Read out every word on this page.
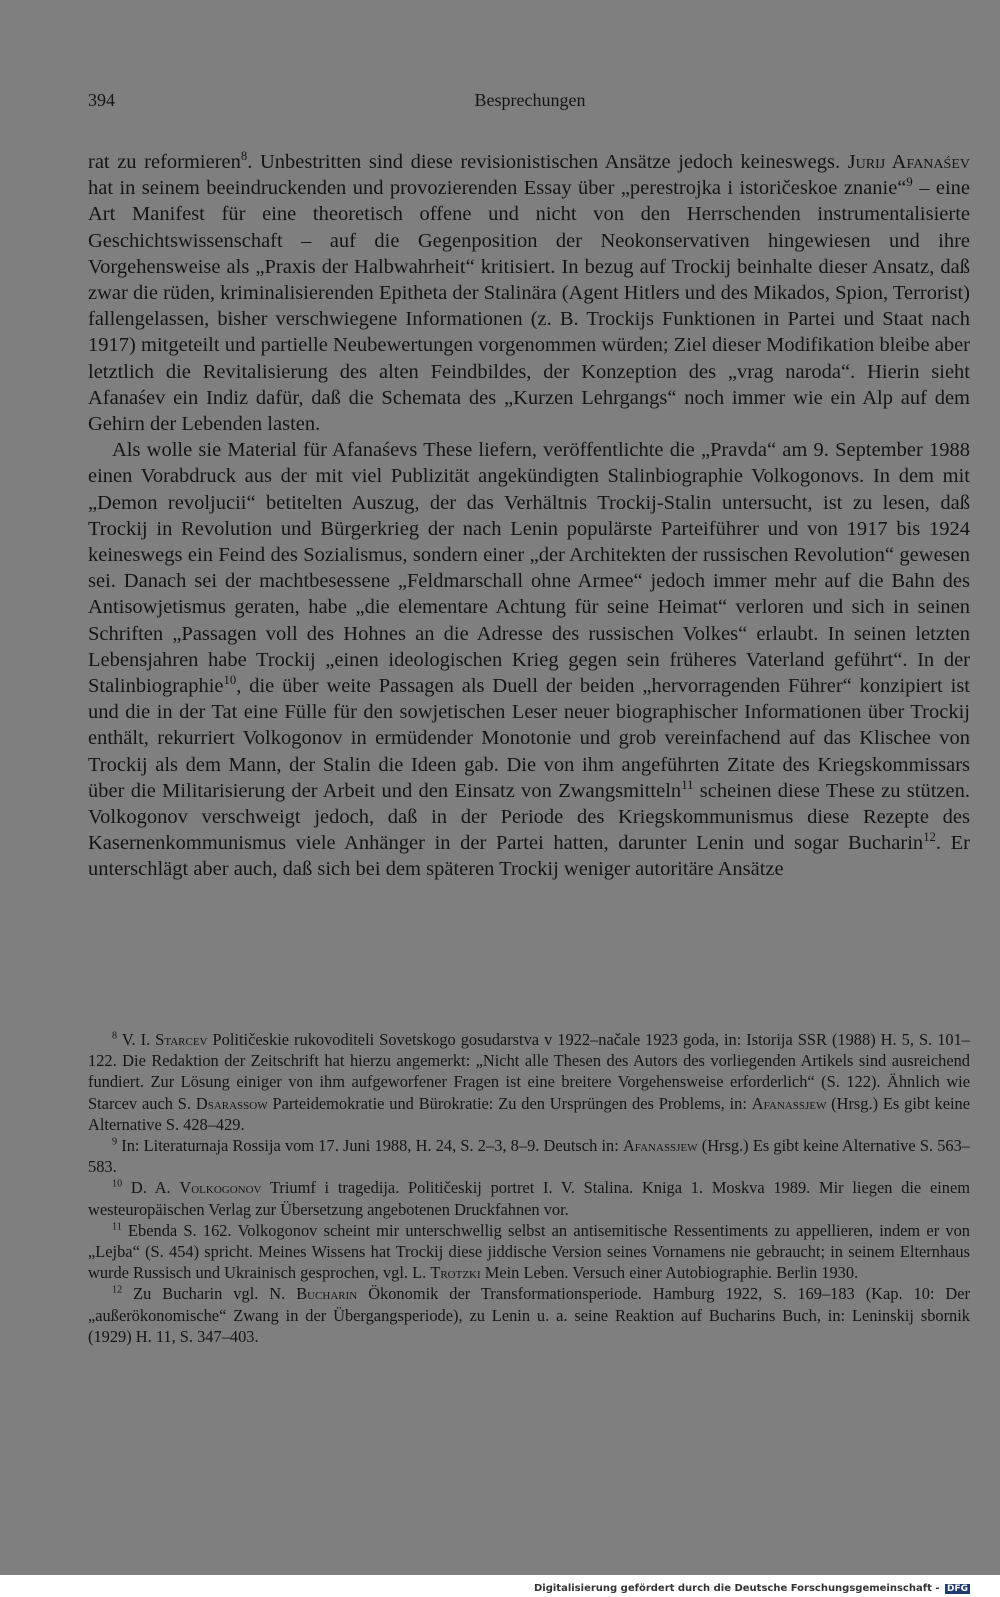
394	Besprechungen

rat zu reformieren$^8$. Unbestritten sind diese revisionistischen Ansätze jedoch keineswegs. Jurij Afanaśev hat in seinem beeindruckenden und provozierenden Essay über „perestrojka i istoričeskoe znanie“$^9$ – eine Art Manifest für eine theoretisch offene und nicht von den Herrschenden instrumentalisierte Geschichtswissenschaft – auf die Gegenposition der Neokonservativen hingewiesen und ihre Vorgehensweise als „Praxis der Halbwahrheit“ kritisiert. In bezug auf Trockij beinhalte dieser Ansatz, daß zwar die rüden, kriminalisierenden Epitheta der Stalinära (Agent Hitlers und des Mikados, Spion, Terrorist) fallengelassen, bisher verschwiegene Informationen (z. B. Trockijs Funktionen in Partei und Staat nach 1917) mitgeteilt und partielle Neubewertungen vorgenommen würden; Ziel dieser Modifikation bleibe aber letztlich die Revitalisierung des alten Feindbildes, der Konzeption des „vrag naroda“. Hierin sieht Afanaśev ein Indiz dafür, daß die Schemata des „Kurzen Lehrgangs“ noch immer wie ein Alp auf dem Gehirn der Lebenden lasten.

Als wolle sie Material für Afanaśevs These liefern, veröffentlichte die „Pravda“ am 9. September 1988 einen Vorabdruck aus der mit viel Publizität angekündigten Stalinbiographie Volkogonovs. In dem mit „Demon revoljucii“ betitelten Auszug, der das Verhältnis Trockij-Stalin untersucht, ist zu lesen, daß Trockij in Revolution und Bürgerkrieg der nach Lenin populärste Parteiführer und von 1917 bis 1924 keineswegs ein Feind des Sozialismus, sondern einer „der Architekten der russischen Revolution“ gewesen sei. Danach sei der machtbesessene „Feldmarschall ohne Armee“ jedoch immer mehr auf die Bahn des Antisowjetismus geraten, habe „die elementare Achtung für seine Heimat“ verloren und sich in seinen Schriften „Passagen voll des Hohnes an die Adresse des russischen Volkes“ erlaubt. In seinen letzten Lebensjahren habe Trockij „einen ideologischen Krieg gegen sein früheres Vaterland geführt“. In der Stalinbiographie$^{10}$, die über weite Passagen als Duell der beiden „hervorragenden Führer“ konzipiert ist und die in der Tat eine Fülle für den sowjetischen Leser neuer biographischer Informationen über Trockij enthält, rekurriert Volkogonov in ermüdender Monotonie und grob vereinfachend auf das Klischee von Trockij als dem Mann, der Stalin die Ideen gab. Die von ihm angeführten Zitate des Kriegskommissars über die Militarisierung der Arbeit und den Einsatz von Zwangsmitteln$^{11}$ scheinen diese These zu stützen. Volkogonov verschweigt jedoch, daß in der Periode des Kriegskommunismus diese Rezepte des Kasernenkommunismus viele Anhänger in der Partei hatten, darunter Lenin und sogar Bucharin$^{12}$. Er unterschlägt aber auch, daß sich bei dem späteren Trockij weniger autoritäre Ansätze

$^8$ V. I. Starcev Političeskie rukovoditeli Sovetskogo gosudarstva v 1922–načale 1923 goda, in: Istorija SSR (1988) H. 5, S. 101–122. Die Redaktion der Zeitschrift hat hierzu angemerkt: „Nicht alle Thesen des Autors des vorliegenden Artikels sind ausreichend fundiert. Zur Lösung einiger von ihm aufgeworfener Fragen ist eine breitere Vorgehensweise erforderlich“ (S. 122). Ähnlich wie Starcev auch S. Dsarassow Parteidemokratie und Bürokratie: Zu den Ursprüngen des Problems, in: Afanassjew (Hrsg.) Es gibt keine Alternative S. 428–429.

$^9$ In: Literaturnaja Rossija vom 17. Juni 1988, H. 24, S. 2–3, 8–9. Deutsch in: Afanassjew (Hrsg.) Es gibt keine Alternative S. 563–583.

$^{10}$ D. A. Volkogonov Triumf i tragedija. Političeskij portret I. V. Stalina. Kniga 1. Moskva 1989. Mir liegen die einem westeuropäischen Verlag zur Übersetzung angebotenen Druckfahnen vor.

$^{11}$ Ebenda S. 162. Volkogonov scheint mir unterschwellig selbst an antisemitische Ressentiments zu appellieren, indem er von „Lejba“ (S. 454) spricht. Meines Wissens hat Trockij diese jiddische Version seines Vornamens nie gebraucht; in seinem Elternhaus wurde Russisch und Ukrainisch gesprochen, vgl. L. Trotzki Mein Leben. Versuch einer Autobiographie. Berlin 1930.

$^{12}$ Zu Bucharin vgl. N. Bucharin Ökonomik der Transformationsperiode. Hamburg 1922, S. 169–183 (Kap. 10: Der „außerökonomische“ Zwang in der Übergangsperiode), zu Lenin u. a. seine Reaktion auf Bucharins Buch, in: Leninskij sbornik (1929) H. 11, S. 347–403.

Digitalisierung gefördert durch die Deutsche Forschungsgemeinschaft - DFG
